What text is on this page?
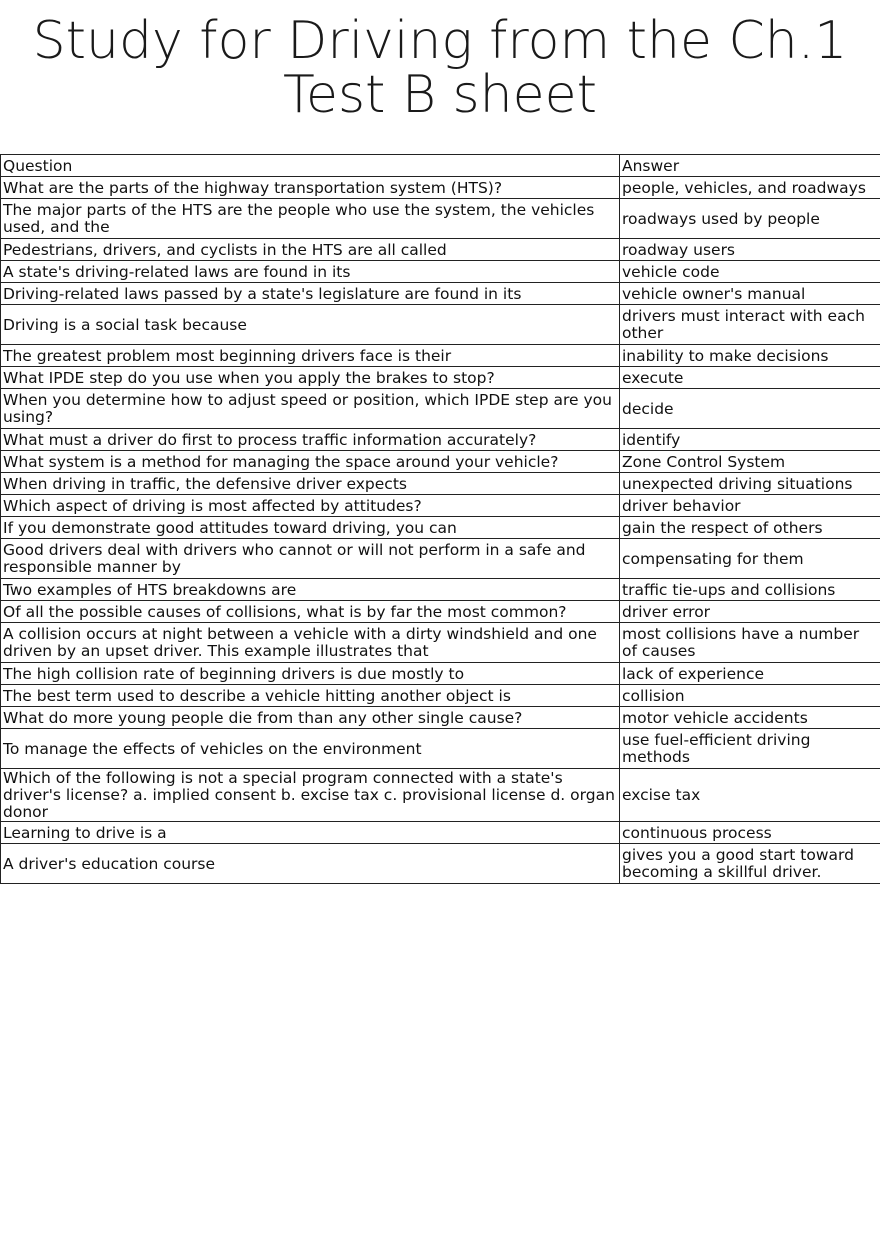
Study for Driving from the Ch.1 Test B sheet
Question	Answer
What are the parts of the highway transportation system (HTS)?	people, vehicles, and roadways
The major parts of the HTS are the people who use the system, the vehicles used, and the	roadways used by people
Pedestrians, drivers, and cyclists in the HTS are all called	roadway users
A state's driving-related laws are found in its	vehicle code
Driving-related laws passed by a state's legislature are found in its	vehicle owner's manual
Driving is a social task because	drivers must interact with each other
The greatest problem most beginning drivers face is their	inability to make decisions
What IPDE step do you use when you apply the brakes to stop?	execute
When you determine how to adjust speed or position, which IPDE step are you using?	decide
What must a driver do first to process traffic information accurately?	identify
What system is a method for managing the space around your vehicle?	Zone Control System
When driving in traffic, the defensive driver expects	unexpected driving situations
Which aspect of driving is most affected by attitudes?	driver behavior
If you demonstrate good attitudes toward driving, you can	gain the respect of others
Good drivers deal with drivers who cannot or will not perform in a safe and responsible manner by	compensating for them
Two examples of HTS breakdowns are	traffic tie-ups and collisions
Of all the possible causes of collisions, what is by far the most common?	driver error
A collision occurs at night between a vehicle with a dirty windshield and one driven by an upset driver. This example illustrates that	most collisions have a number of causes
The high collision rate of beginning drivers is due mostly to	lack of experience
The best term used to describe a vehicle hitting another object is	collision
What do more young people die from than any other single cause?	motor vehicle accidents
To manage the effects of vehicles on the environment	use fuel-efficient driving methods
Which of the following is not a special program connected with a state's driver's license? a. implied consent b. excise tax c. provisional license d. organ donor	excise tax
Learning to drive is a	continuous process
A driver's education course	gives you a good start toward becoming a skillful driver.
